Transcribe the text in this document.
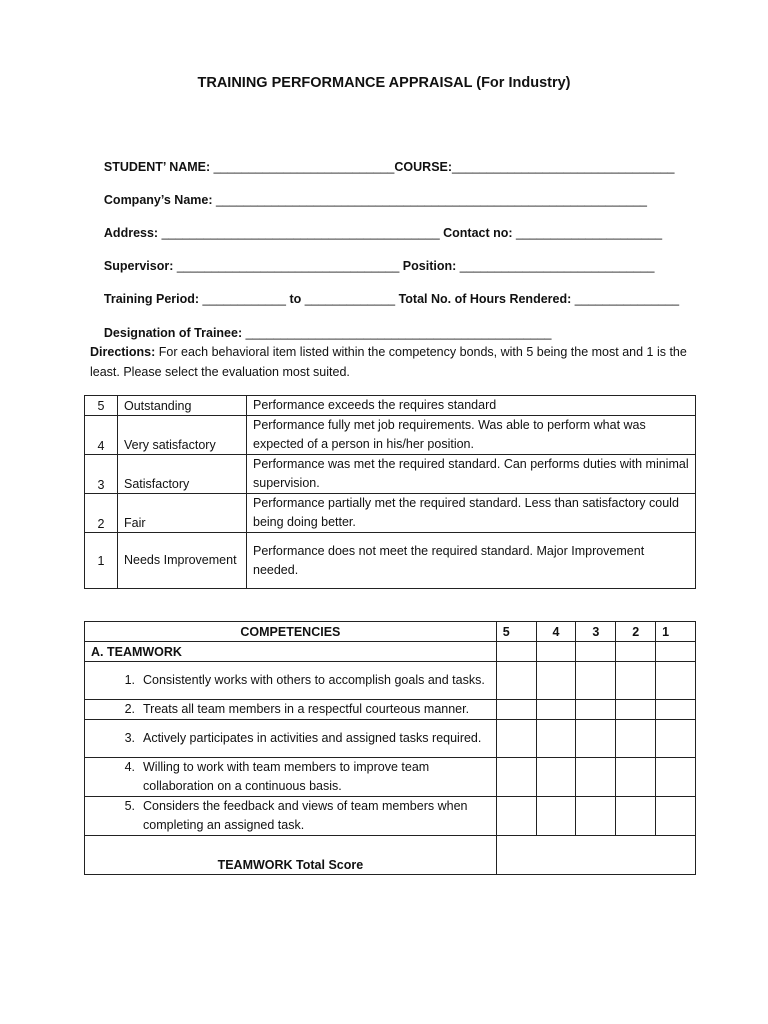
TRAINING PERFORMANCE APPRAISAL (For Industry)

STUDENT’ NAME: __________________________COURSE:________________________________

Company’s Name: ______________________________________________________________

Address: ________________________________________ Contact no: _____________________

Supervisor: ________________________________ Position: ____________________________

Training Period: ____________ to _____________ Total No. of Hours Rendered: _______________

Designation of Trainee: ____________________________________________

Directions: For each behavioral item listed within the competency bonds, with 5 being the most and 1 is the least. Please select the evaluation most suited.
5	Outstanding	Performance exceeds the requires standard
4	Very satisfactory	Performance fully met job requirements. Was able to perform what was expected of a person in his/her position.
3	Satisfactory	Performance was met the required standard. Can performs duties with minimal supervision.
2	Fair	Performance partially met the required standard. Less than satisfactory could being doing better.
1	Needs Improvement	Performance does not meet the required standard. Major Improvement needed.
COMPETENCIES	5	4	3	2	1
A. TEAMWORK					

1. Consistently works with others to accomplish goals and tasks.					

2. Treats all team members in a respectful courteous manner.					

3. Actively participates in activities and assigned tasks required.					

4. Willing to work with team members to improve team collaboration on a continuous basis.					

5. Considers the feedback and views of team members when completing an assigned task.					

TEAMWORK Total Score					
